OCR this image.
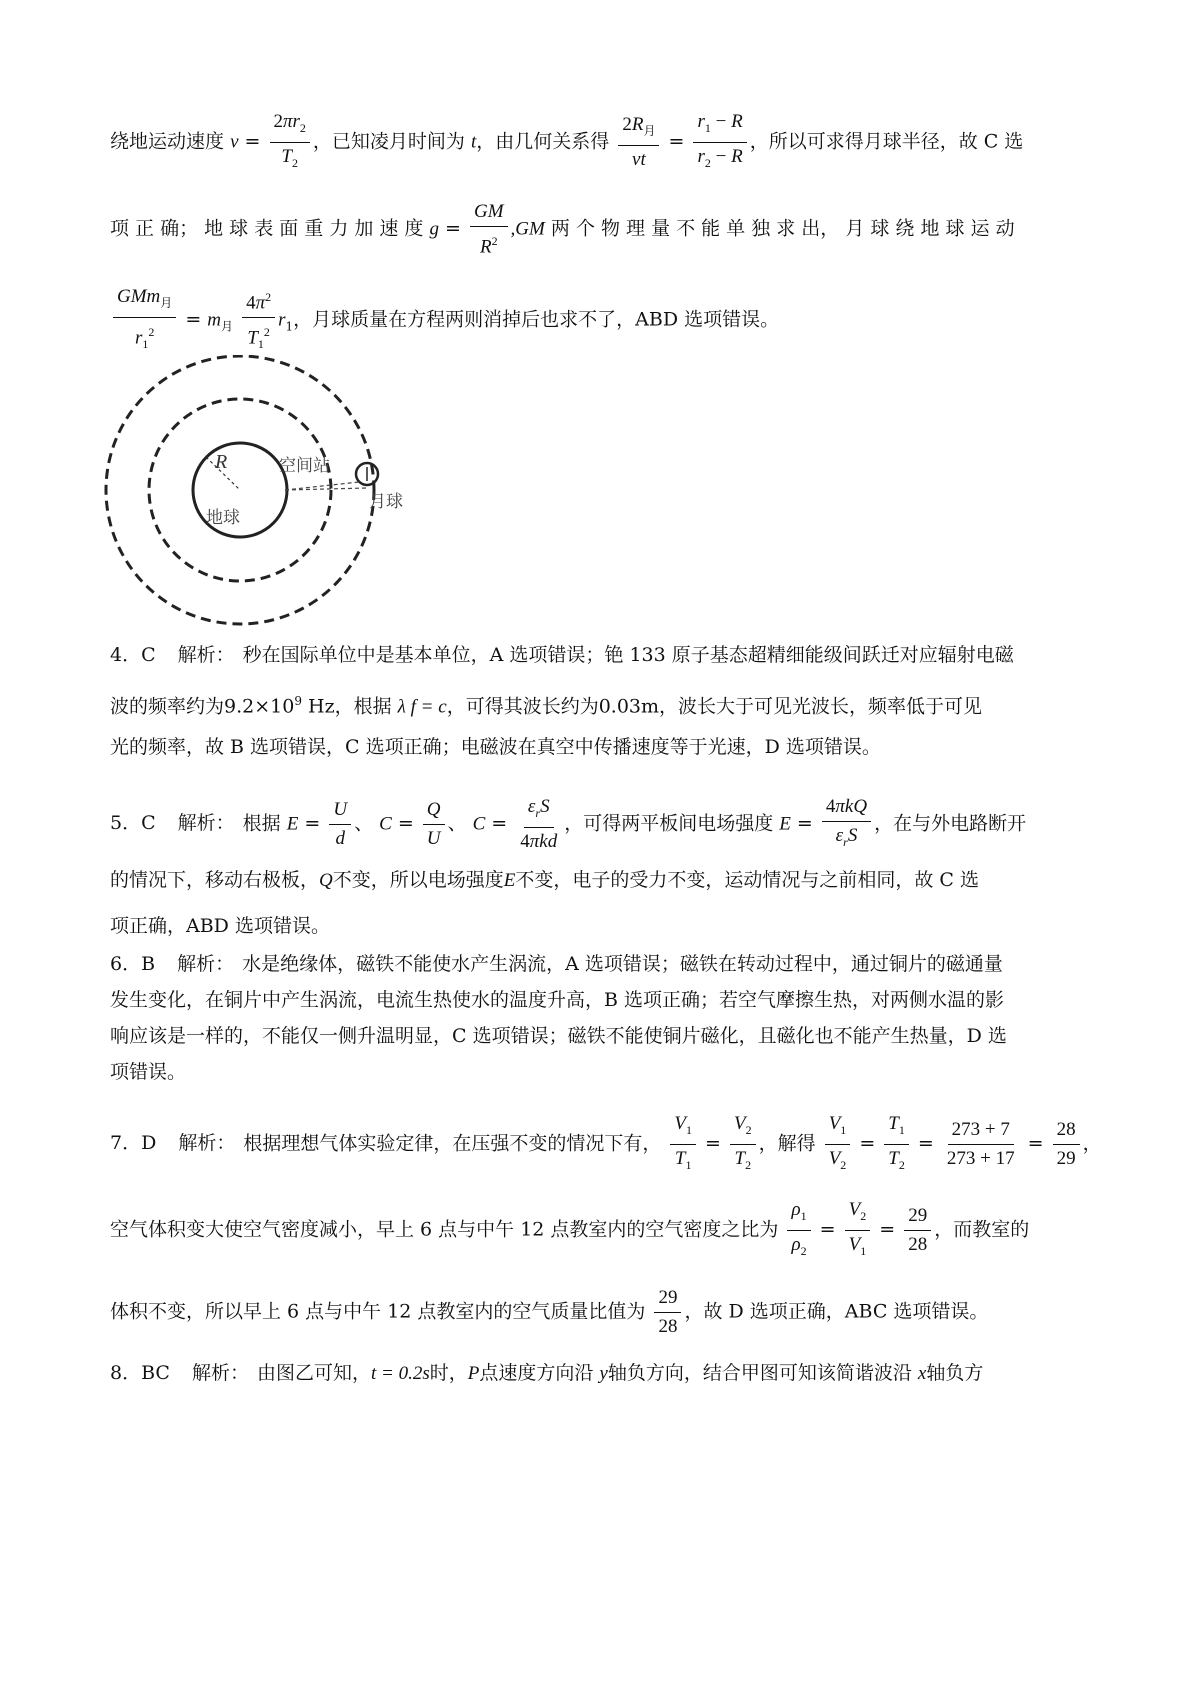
绕地运动速度 $v = \frac{2\pi r_2}{T_2}$ ，已知凌月时间为 t，由几何关系得 $\frac{2R_月}{vt} = \frac{r_1 - R}{r_2 - R}$ ，所以可求得月球半径，故 C 选
项 正 确； 地 球 表 面 重 力 加 速 度 $g = \frac{GM}{R^2} ,GM$ 两 个 物 理 量 不 能 单 独 求 出， 月 球 绕 地 球 运 动
$\frac{GMm_月}{r_1^2} = m_月 \frac{4\pi^2}{T_1^2} r_1$，月球质量在方程两则消掉后也求不了，ABD 选项错误。
R	空间站
月球
地球
4．C 解析： 秒在国际单位中是基本单位，A 选项错误；铯 133 原子基态超精细能级间跃迁对应辐射电磁
波的频率约为$9.2\times 10^9$ Hz，根据 λ f = c，可得其波长约为0.03m，波长大于可见光波长，频率低于可见
光的频率，故 B 选项错误，C 选项正确；电磁波在真空中传播速度等于光速，D 选项错误。
5．C 解析： 根据 $E = \frac{U}{d}$ 、 $C = \frac{Q}{U}$ 、 $C = \frac{\varepsilon_rS}{\text{4πkd}}$ ，可得两平板间电场强度 $E = \frac{\text{4πkQ}}{\varepsilon_rS}$ ，在与外电路断开
的情况下，移动右极板，Q不变，所以电场强度E不变，电子的受力不变，运动情况与之前相同，故 C 选
项正确，ABD 选项错误。
6．B 解析： 水是绝缘体，磁铁不能使水产生涡流，A 选项错误；磁铁在转动过程中，通过铜片的磁通量
发生变化，在铜片中产生涡流，电流生热使水的温度升高，B 选项正确；若空气摩擦生热，对两侧水温的影
响应该是一样的，不能仅一侧升温明显，C 选项错误；磁铁不能使铜片磁化，且磁化也不能产生热量，D 选
项错误。
7．D 解析： 根据理想气体实验定律，在压强不变的情况下有， $\frac{V_1}{T_1} = \frac{V_2}{T_2}$ ，解得 $\frac{V_1}{V_2} = \frac{T_1}{T_2} = \frac{273 + 7}{273 + 17} = \frac{28}{29}$ ，
空气体积变大使空气密度减小，早上 6 点与中午 12 点教室内的空气密度之比为 $\frac{\rho_1}{\rho_2} = \frac{V_2}{V_1} = \frac{29}{28}$ ，而教室的
体积不变，所以早上 6 点与中午 12 点教室内的空气质量比值为 $\frac{29}{28}$ ，故 D 选项正确，ABC 选项错误。
8．BC 解析： 由图乙可知，t = 0.2s时，P点速度方向沿 y轴负方向，结合甲图可知该简谐波沿 x轴负方
